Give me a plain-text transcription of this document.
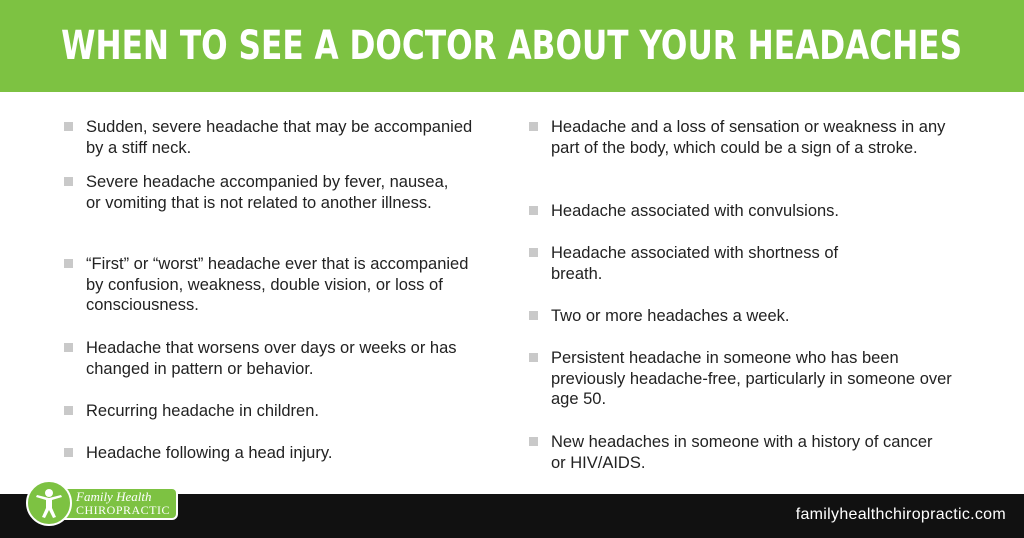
WHEN TO SEE A DOCTOR ABOUT YOUR HEADACHES
Sudden, severe headache that may be accompanied by a stiff neck.
Severe headache accompanied by fever, nausea, or vomiting that is not related to another illness.
“First” or “worst” headache ever that is accompanied by confusion, weakness, double vision, or loss of consciousness.
Headache that worsens over days or weeks or has changed in pattern or behavior.
Recurring headache in children.
Headache following a head injury.
Headache and a loss of sensation or weakness in any part of the body, which could be a sign of a stroke.
Headache associated with convulsions.
Headache associated with shortness of breath.
Two or more headaches a week.
Persistent headache in someone who has been previously headache-free, particularly in someone over age 50.
New headaches in someone with a history of cancer or HIV/AIDS.
familyhealthchiropractic.com
Family Health
CHIROPRACTIC
